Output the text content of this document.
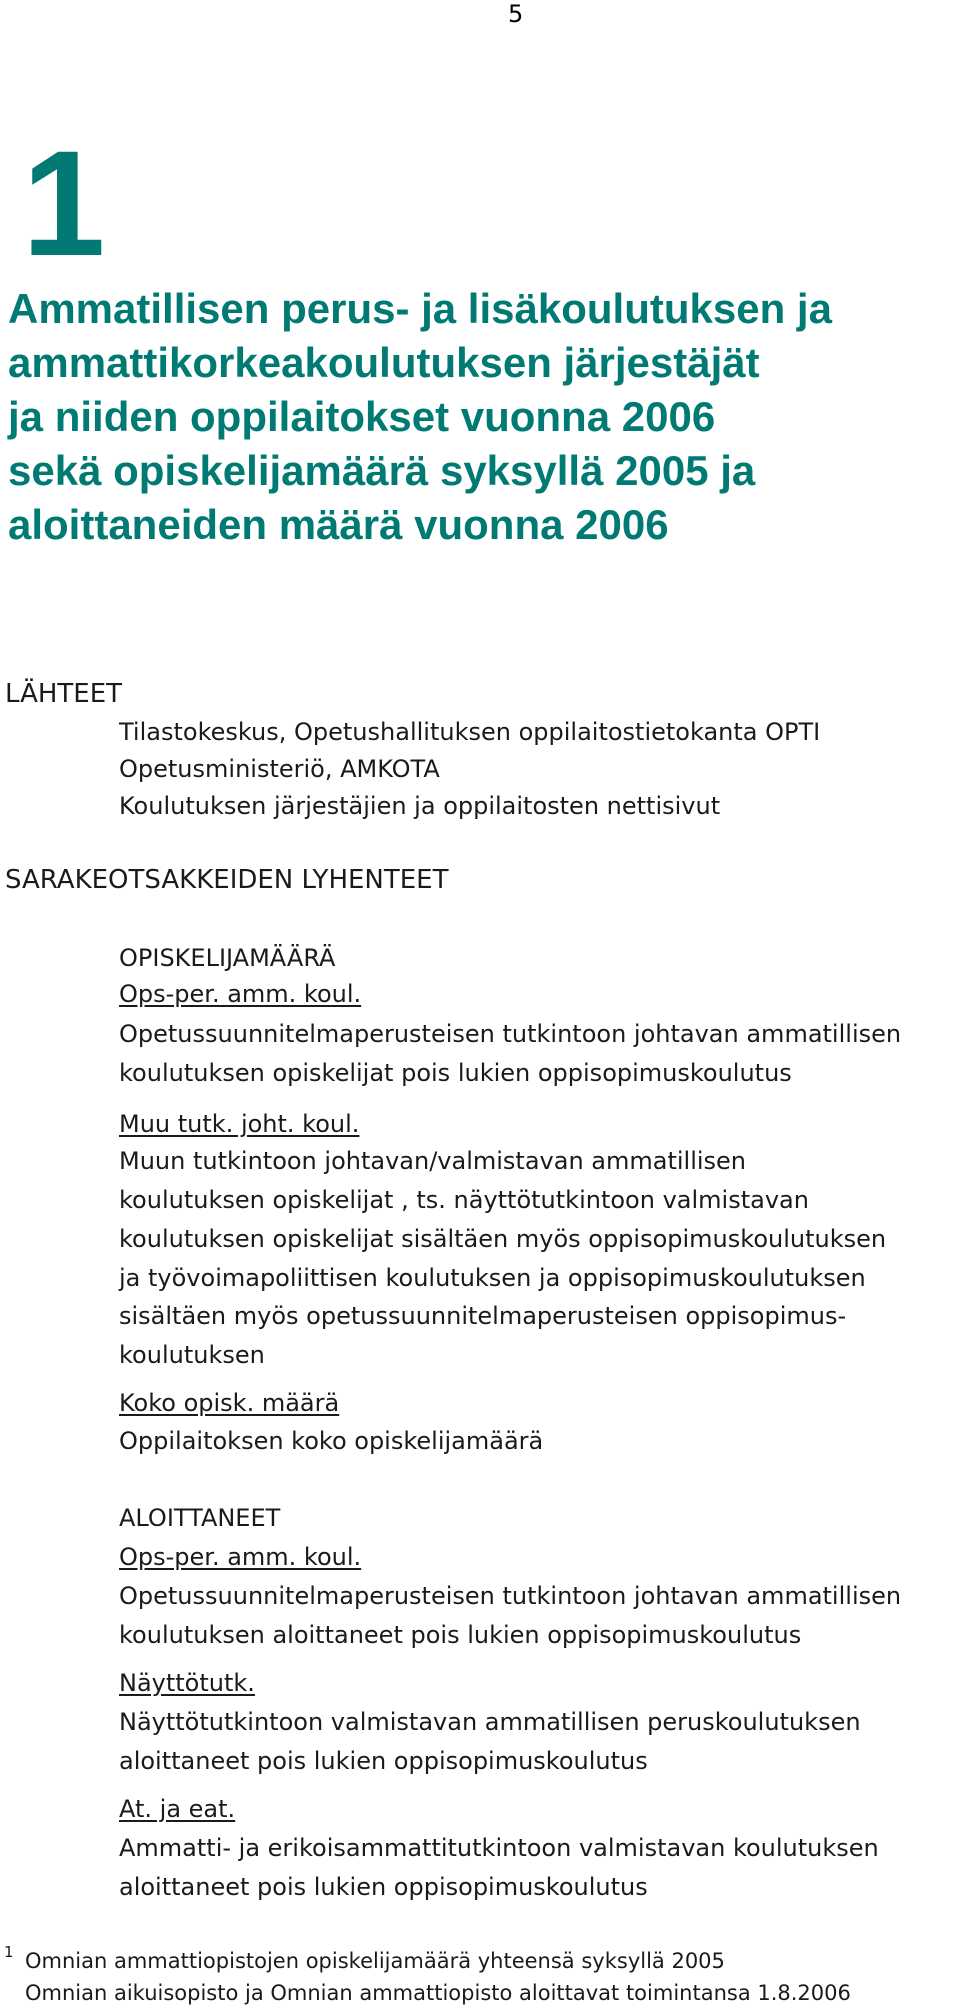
5
1
Ammatillisen perus- ja lisäkoulutuksen ja
ammattikorkeakoulutuksen järjestäjät
ja niiden oppilaitokset vuonna 2006
sekä opiskelijamäärä syksyllä 2005 ja
aloittaneiden määrä vuonna 2006
LÄHTEET
Tilastokeskus, Opetushallituksen oppilaitostietokanta OPTI
Opetusministeriö, AMKOTA
Koulutuksen järjestäjien ja oppilaitosten nettisivut
SARAKEOTSAKKEIDEN LYHENTEET
OPISKELIJAMÄÄRÄ
Ops-per. amm. koul.
Opetussuunnitelmaperusteisen tutkintoon johtavan ammatillisen
koulutuksen opiskelijat pois lukien oppisopimuskoulutus
Muu tutk. joht. koul.
Muun tutkintoon johtavan/valmistavan ammatillisen
koulutuksen opiskelijat , ts. näyttötutkintoon valmistavan
koulutuksen opiskelijat sisältäen myös oppisopimuskoulutuksen
ja työvoimapoliittisen koulutuksen ja oppisopimuskoulutuksen
sisältäen myös opetussuunnitelmaperusteisen oppisopimus-
koulutuksen
Koko opisk. määrä
Oppilaitoksen koko opiskelijamäärä
ALOITTANEET
Ops-per. amm. koul.
Opetussuunnitelmaperusteisen tutkintoon johtavan ammatillisen
koulutuksen aloittaneet pois lukien oppisopimuskoulutus
Näyttötutk.
Näyttötutkintoon valmistavan ammatillisen peruskoulutuksen
aloittaneet pois lukien oppisopimuskoulutus
At. ja eat.
Ammatti- ja erikoisammattitutkintoon valmistavan koulutuksen
aloittaneet pois lukien oppisopimuskoulutus
1 Omnian ammattiopistojen opiskelijamäärä yhteensä syksyllä 2005
Omnian aikuisopisto ja Omnian ammattiopisto aloittavat toimintansa 1.8.2006
